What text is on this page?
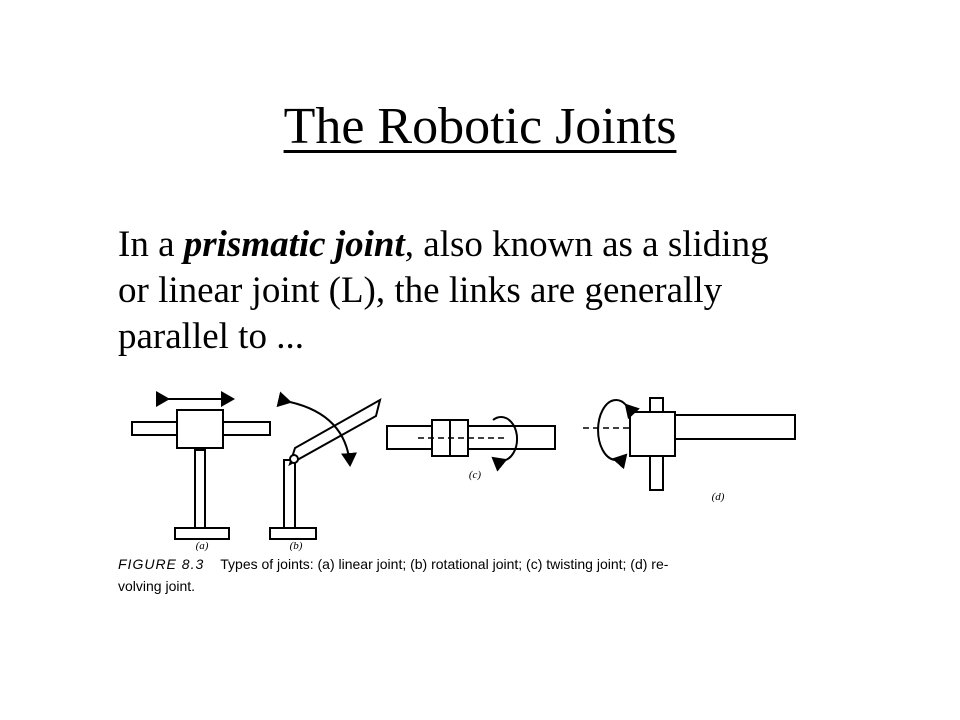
The Robotic Joints
In a prismatic joint, also known as a sliding
or linear joint (L), the links are generally
parallel to ...
(a)	(b)
(c)
(d)
FIGURE 8.3 Types of joints: (a) linear joint; (b) rotational joint; (c) twisting joint; (d) re-
volving joint.
